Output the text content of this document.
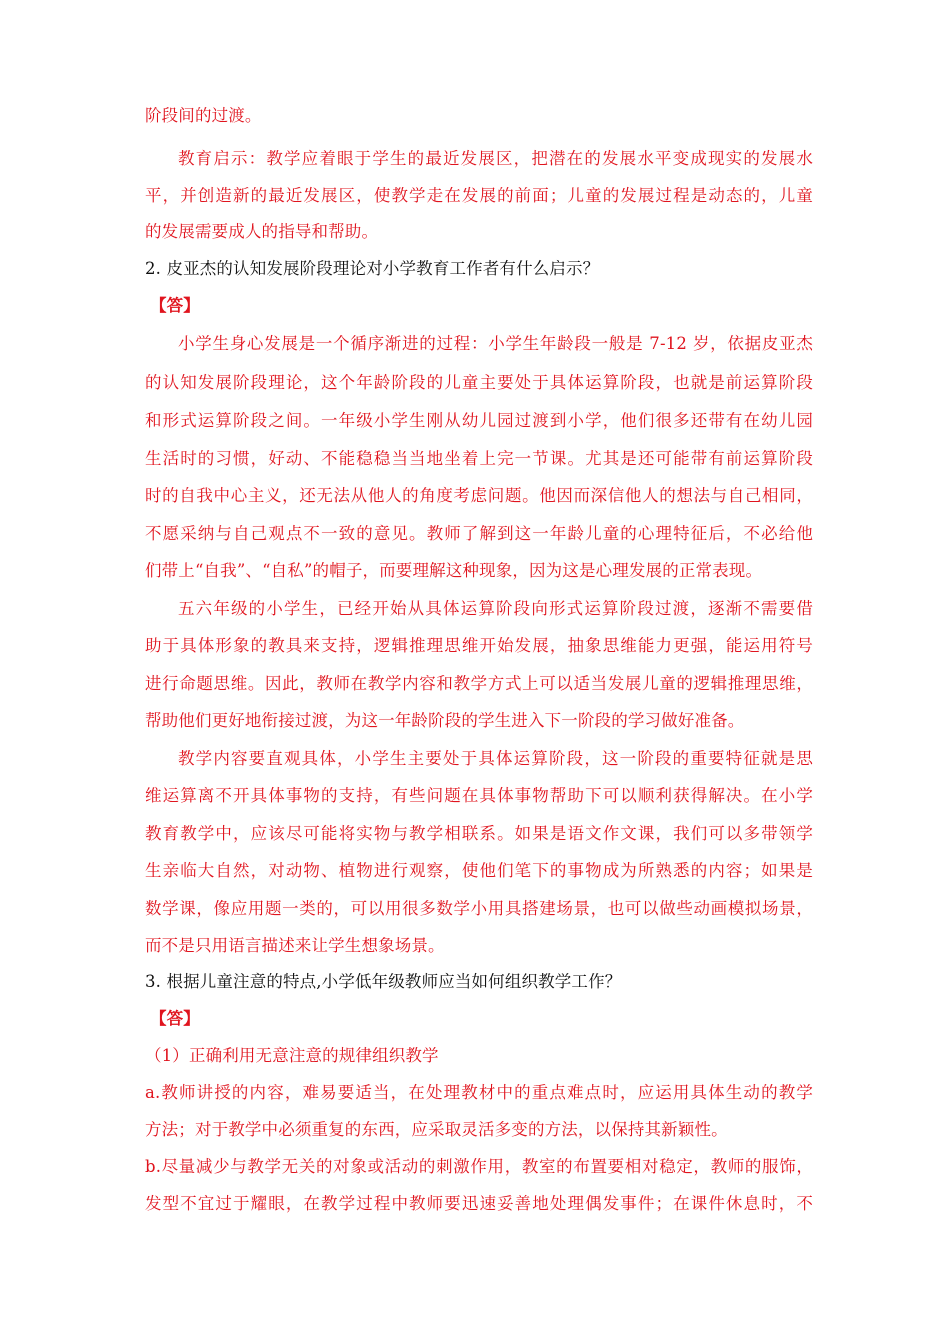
阶段间的过渡。
教育启示：教学应着眼于学生的最近发展区，把潜在的发展水平变成现实的发展水
平，并创造新的最近发展区，使教学走在发展的前面；儿童的发展过程是动态的，儿童
的发展需要成人的指导和帮助。
2. 皮亚杰的认知发展阶段理论对小学教育工作者有什么启示？
【答】
小学生身心发展是一个循序渐进的过程：小学生年龄段一般是 7-12 岁，依据皮亚杰
的认知发展阶段理论，这个年龄阶段的儿童主要处于具体运算阶段，也就是前运算阶段
和形式运算阶段之间。一年级小学生刚从幼儿园过渡到小学，他们很多还带有在幼儿园
生活时的习惯，好动、不能稳稳当当地坐着上完一节课。尤其是还可能带有前运算阶段
时的自我中心主义，还无法从他人的角度考虑问题。他因而深信他人的想法与自己相同，
不愿采纳与自己观点不一致的意见。教师了解到这一年龄儿童的心理特征后，不必给他
们带上“自我”、“自私”的帽子，而要理解这种现象，因为这是心理发展的正常表现。
五六年级的小学生，已经开始从具体运算阶段向形式运算阶段过渡，逐渐不需要借
助于具体形象的教具来支持，逻辑推理思维开始发展，抽象思维能力更强，能运用符号
进行命题思维。因此，教师在教学内容和教学方式上可以适当发展儿童的逻辑推理思维，
帮助他们更好地衔接过渡，为这一年龄阶段的学生进入下一阶段的学习做好准备。
教学内容要直观具体，小学生主要处于具体运算阶段，这一阶段的重要特征就是思
维运算离不开具体事物的支持，有些问题在具体事物帮助下可以顺利获得解决。在小学
教育教学中，应该尽可能将实物与教学相联系。如果是语文作文课，我们可以多带领学
生亲临大自然，对动物、植物进行观察，使他们笔下的事物成为所熟悉的内容；如果是
数学课，像应用题一类的，可以用很多数学小用具搭建场景，也可以做些动画模拟场景，
而不是只用语言描述来让学生想象场景。
3. 根据儿童注意的特点,小学低年级教师应当如何组织教学工作？
【答】
（1）正确利用无意注意的规律组织教学
a.教师讲授的内容，难易要适当，在处理教材中的重点难点时，应运用具体生动的教学
方法；对于教学中必须重复的东西，应采取灵活多变的方法，以保持其新颖性。
b.尽量减少与教学无关的对象或活动的刺激作用，教室的布置要相对稳定，教师的服饰，
发型不宜过于耀眼，在教学过程中教师要迅速妥善地处理偶发事件；在课件休息时，不
